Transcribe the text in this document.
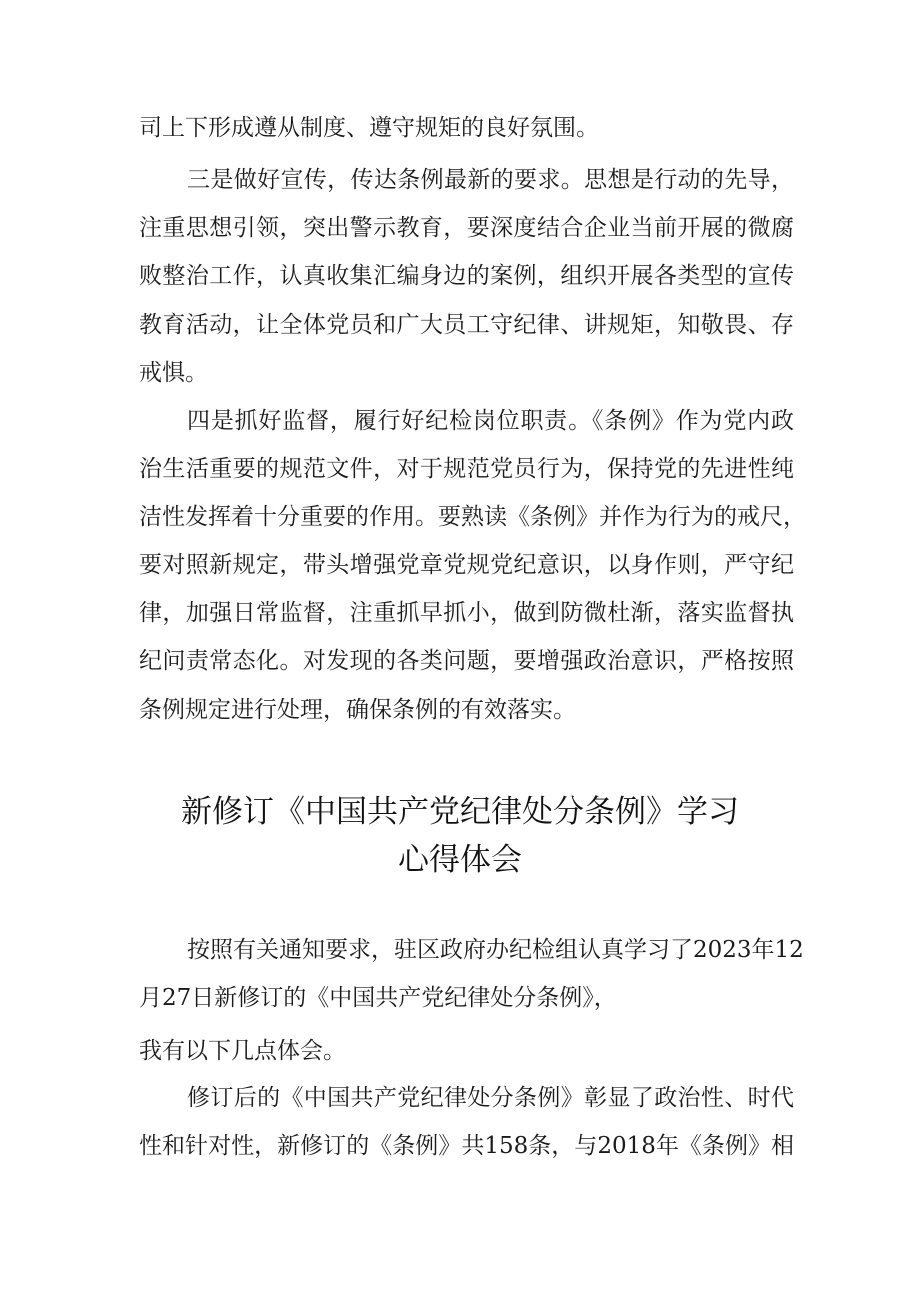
司上下形成遵从制度、遵守规矩的良好氛围。
三是做好宣传，传达条例最新的要求。思想是行动的先导，
注重思想引领，突出警示教育，要深度结合企业当前开展的微腐
败整治工作，认真收集汇编身边的案例，组织开展各类型的宣传
教育活动，让全体党员和广大员工守纪律、讲规矩，知敬畏、存
戒惧。
四是抓好监督，履行好纪检岗位职责。《条例》作为党内政
治生活重要的规范文件，对于规范党员行为，保持党的先进性纯
洁性发挥着十分重要的作用。要熟读《条例》并作为行为的戒尺，
要对照新规定，带头增强党章党规党纪意识，以身作则，严守纪
律，加强日常监督，注重抓早抓小，做到防微杜渐，落实监督执
纪问责常态化。对发现的各类问题，要增强政治意识，严格按照
条例规定进行处理，确保条例的有效落实。
新修订《中国共产党纪律处分条例》学习
心得体会
按照有关通知要求，驻区政府办纪检组认真学习了2023年12
月27日新修订的《中国共产党纪律处分条例》，
我有以下几点体会。
修订后的《中国共产党纪律处分条例》彰显了政治性、时代
性和针对性，新修订的《条例》共158条，与2018年《条例》相
